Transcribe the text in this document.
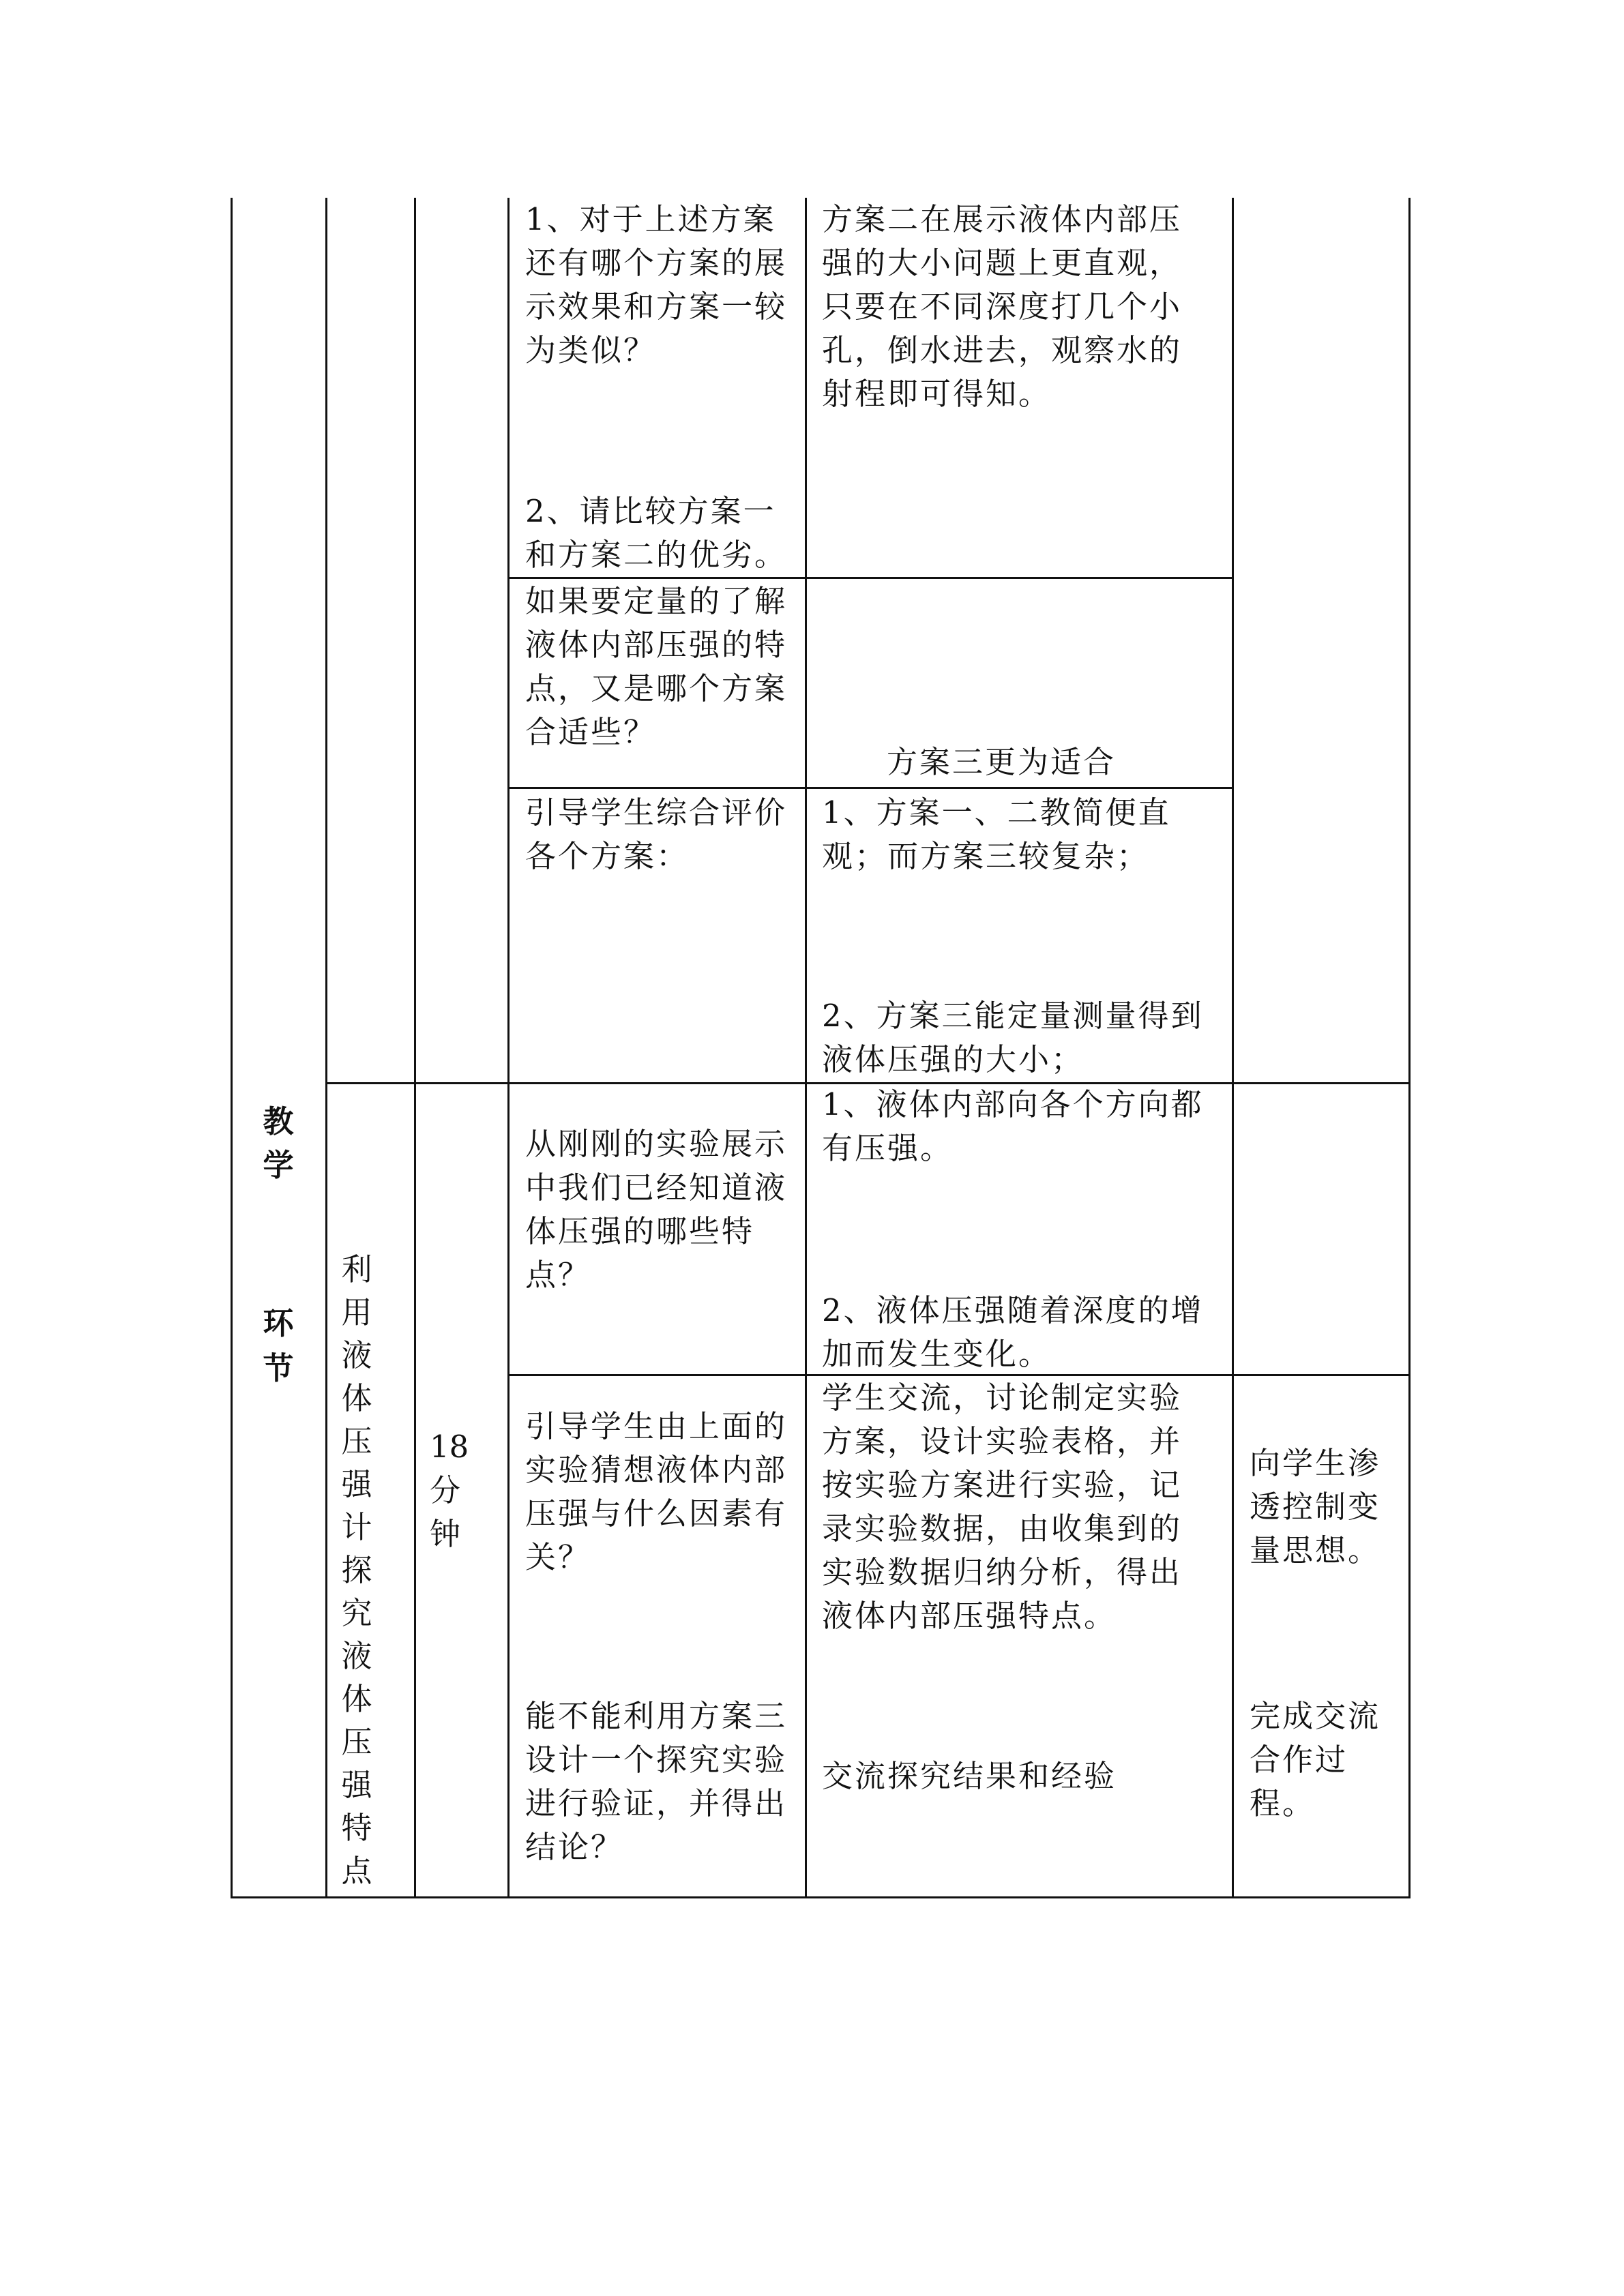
教
学
环
节
利
用
液
体
压
强
计
探
究
液
体
压
强
特
点
18
分
钟
1、对于上述方案
还有哪个方案的展
示效果和方案一较
为类似？
2、请比较方案一
和方案二的优劣。
方案二在展示液体内部压
强的大小问题上更直观，
只要在不同深度打几个小
孔，倒水进去，观察水的
射程即可得知。
如果要定量的了解
液体内部压强的特
点，又是哪个方案
合适些？
方案三更为适合
引导学生综合评价
各个方案：
1、方案一、二教简便直
观；而方案三较复杂；
2、方案三能定量测量得到
液体压强的大小；
从刚刚的实验展示
中我们已经知道液
体压强的哪些特
点？
1、液体内部向各个方向都
有压强。
2、液体压强随着深度的增
加而发生变化。
引导学生由上面的
实验猜想液体内部
压强与什么因素有
关？
能不能利用方案三
设计一个探究实验
进行验证，并得出
结论？
学生交流，讨论制定实验
方案，设计实验表格，并
按实验方案进行实验，记
录实验数据，由收集到的
实验数据归纳分析，得出
液体内部压强特点。
交流探究结果和经验
向学生渗
透控制变
量思想。
完成交流
合作过
程。
